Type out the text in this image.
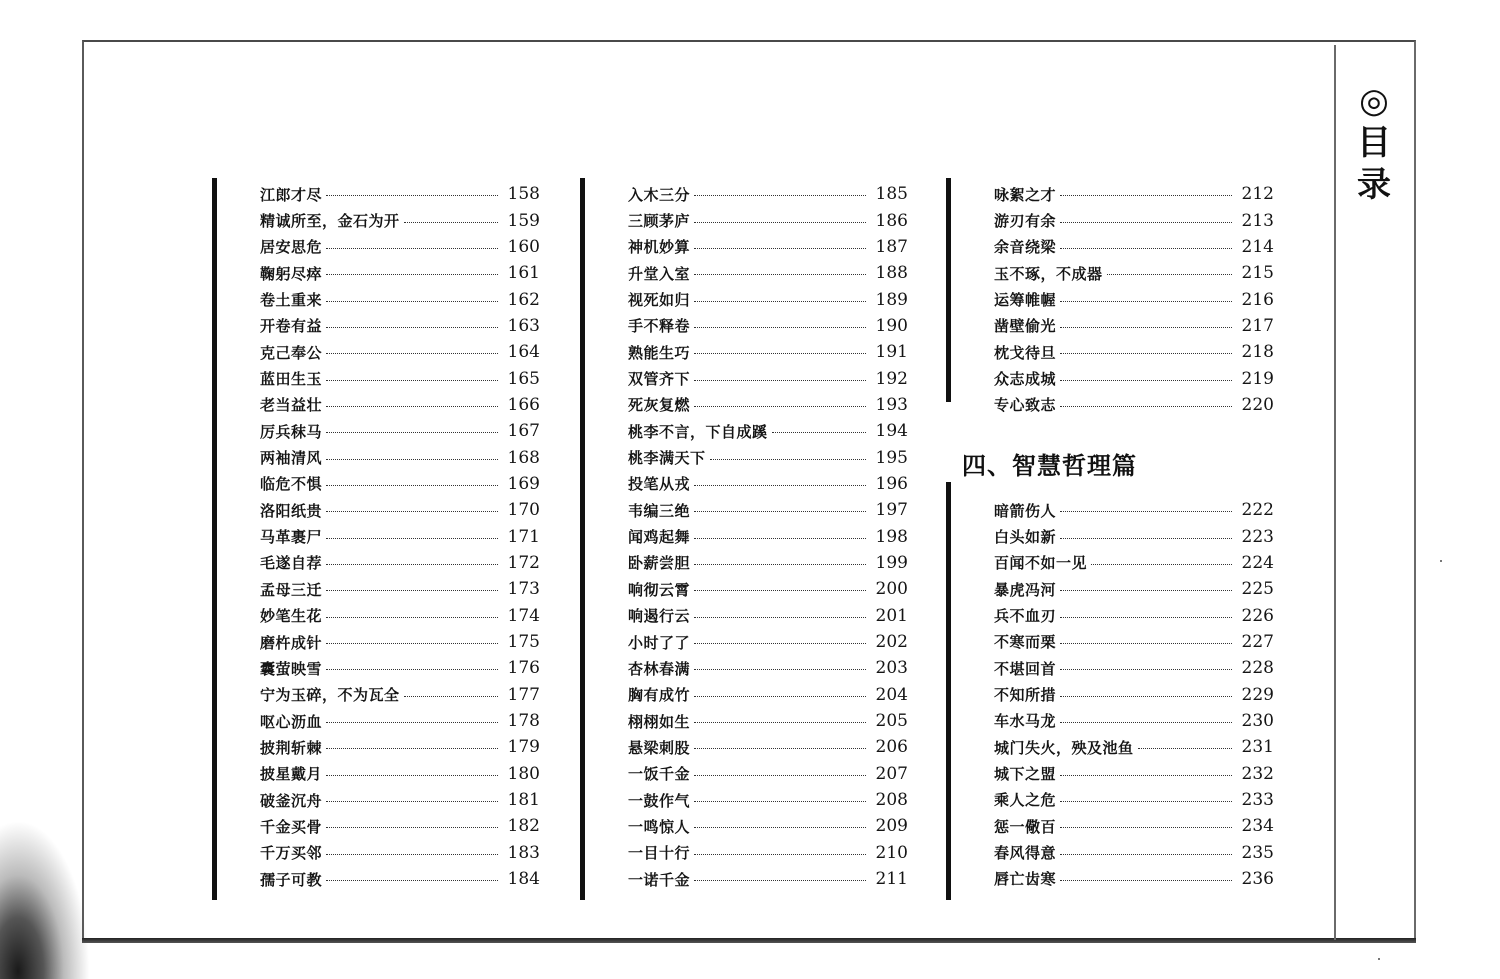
◎
目
录
江郎才尽	158
精诚所至，金石为开	159
居安思危	160
鞠躬尽瘁	161
卷土重来	162
开卷有益	163
克己奉公	164
蓝田生玉	165
老当益壮	166
厉兵秣马	167
两袖清风	168
临危不惧	169
洛阳纸贵	170
马革裹尸	171
毛遂自荐	172
孟母三迁	173
妙笔生花	174
磨杵成针	175
囊萤映雪	176
宁为玉碎，不为瓦全	177
呕心沥血	178
披荆斩棘	179
披星戴月	180
破釜沉舟	181
千金买骨	182
千万买邻	183
孺子可教	184
入木三分	185
三顾茅庐	186
神机妙算	187
升堂入室	188
视死如归	189
手不释卷	190
熟能生巧	191
双管齐下	192
死灰复燃	193
桃李不言，下自成蹊	194
桃李满天下	195
投笔从戎	196
韦编三绝	197
闻鸡起舞	198
卧薪尝胆	199
响彻云霄	200
响遏行云	201
小时了了	202
杏林春满	203
胸有成竹	204
栩栩如生	205
悬梁刺股	206
一饭千金	207
一鼓作气	208
一鸣惊人	209
一目十行	210
一诺千金	211
咏絮之才	212
游刃有余	213
余音绕梁	214
玉不琢，不成器	215
运筹帷幄	216
凿壁偷光	217
枕戈待旦	218
众志成城	219
专心致志	220
四、智慧哲理篇
暗箭伤人	222
白头如新	223
百闻不如一见	224
暴虎冯河	225
兵不血刃	226
不寒而栗	227
不堪回首	228
不知所措	229
车水马龙	230
城门失火，殃及池鱼	231
城下之盟	232
乘人之危	233
惩一儆百	234
春风得意	235
唇亡齿寒	236
